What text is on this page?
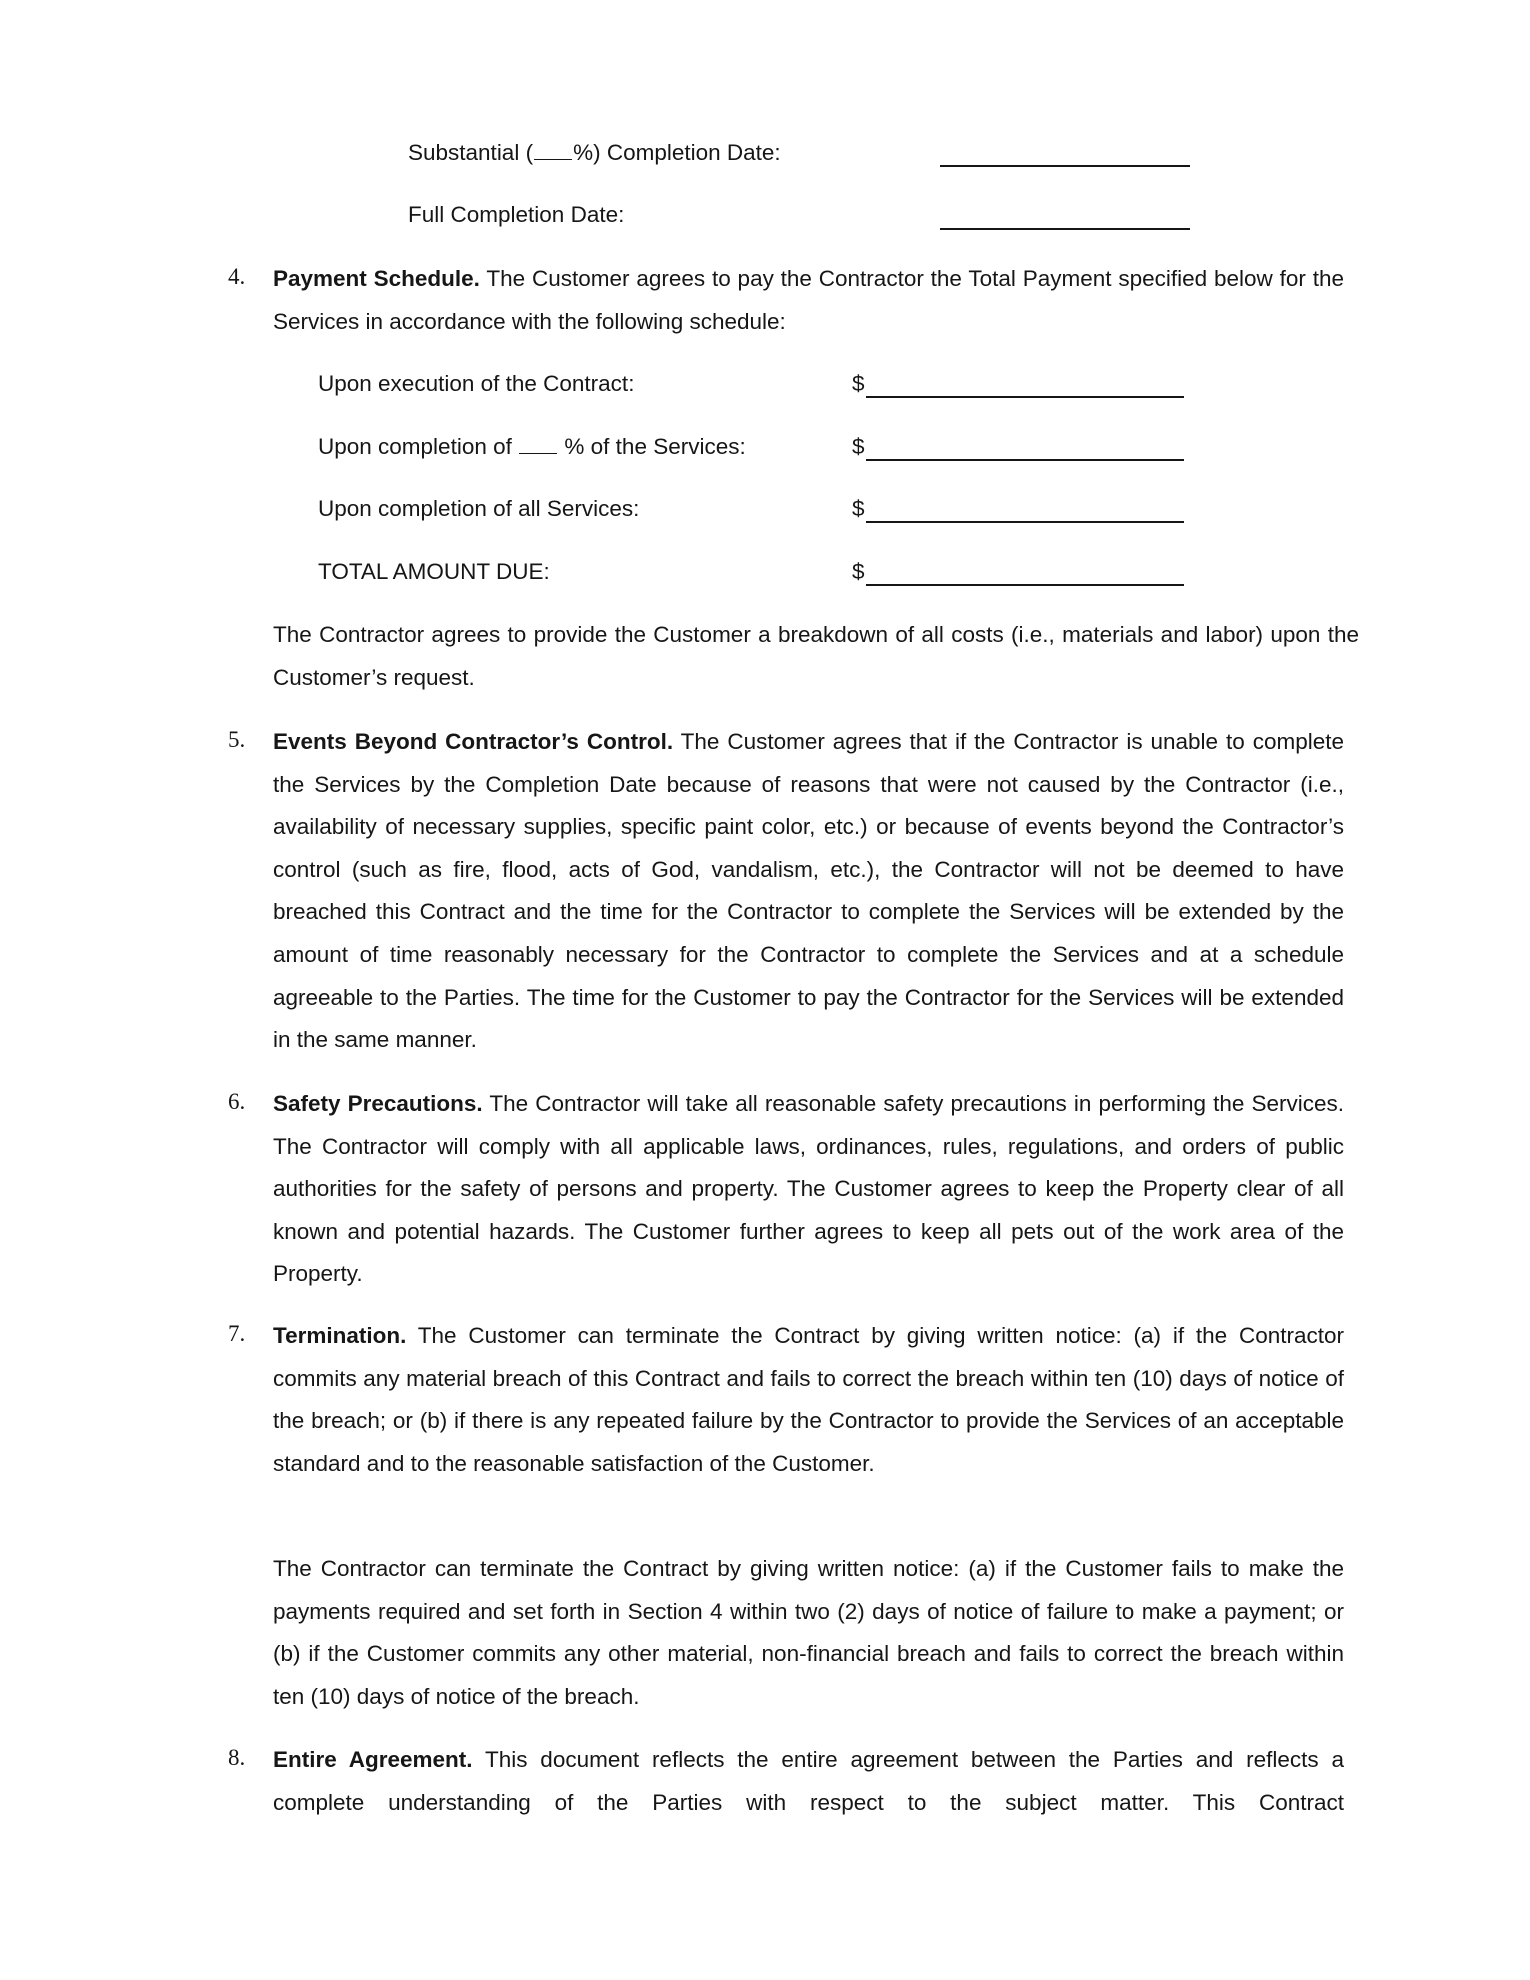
Substantial ( %) Completion Date:
Full Completion Date:
4. Payment Schedule. The Customer agrees to pay the Contractor the Total Payment specified below for the Services in accordance with the following schedule:
Upon execution of the Contract:	$
Upon completion of % of the Services:	$
Upon completion of all Services:	$
TOTAL AMOUNT DUE:	$
The Contractor agrees to provide the Customer a breakdown of all costs (i.e., materials and labor) upon the Customer’s request.
5. Events Beyond Contractor’s Control. The Customer agrees that if the Contractor is unable to complete the Services by the Completion Date because of reasons that were not caused by the Contractor (i.e., availability of necessary supplies, specific paint color, etc.) or because of events beyond the Contractor’s control (such as fire, flood, acts of God, vandalism, etc.), the Contractor will not be deemed to have breached this Contract and the time for the Contractor to complete the Services will be extended by the amount of time reasonably necessary for the Contractor to complete the Services and at a schedule agreeable to the Parties. The time for the Customer to pay the Contractor for the Services will be extended in the same manner.
6. Safety Precautions. The Contractor will take all reasonable safety precautions in performing the Services. The Contractor will comply with all applicable laws, ordinances, rules, regulations, and orders of public authorities for the safety of persons and property. The Customer agrees to keep the Property clear of all known and potential hazards. The Customer further agrees to keep all pets out of the work area of the Property.
7. Termination. The Customer can terminate the Contract by giving written notice: (a) if the Contractor commits any material breach of this Contract and fails to correct the breach within ten (10) days of notice of the breach; or (b) if there is any repeated failure by the Contractor to provide the Services of an acceptable standard and to the reasonable satisfaction of the Customer.
The Contractor can terminate the Contract by giving written notice: (a) if the Customer fails to make the payments required and set forth in Section 4 within two (2) days of notice of failure to make a payment; or (b) if the Customer commits any other material, non-financial breach and fails to correct the breach within ten (10) days of notice of the breach.
8. Entire Agreement. This document reflects the entire agreement between the Parties and reflects a complete understanding of the Parties with respect to the subject matter. This Contract
